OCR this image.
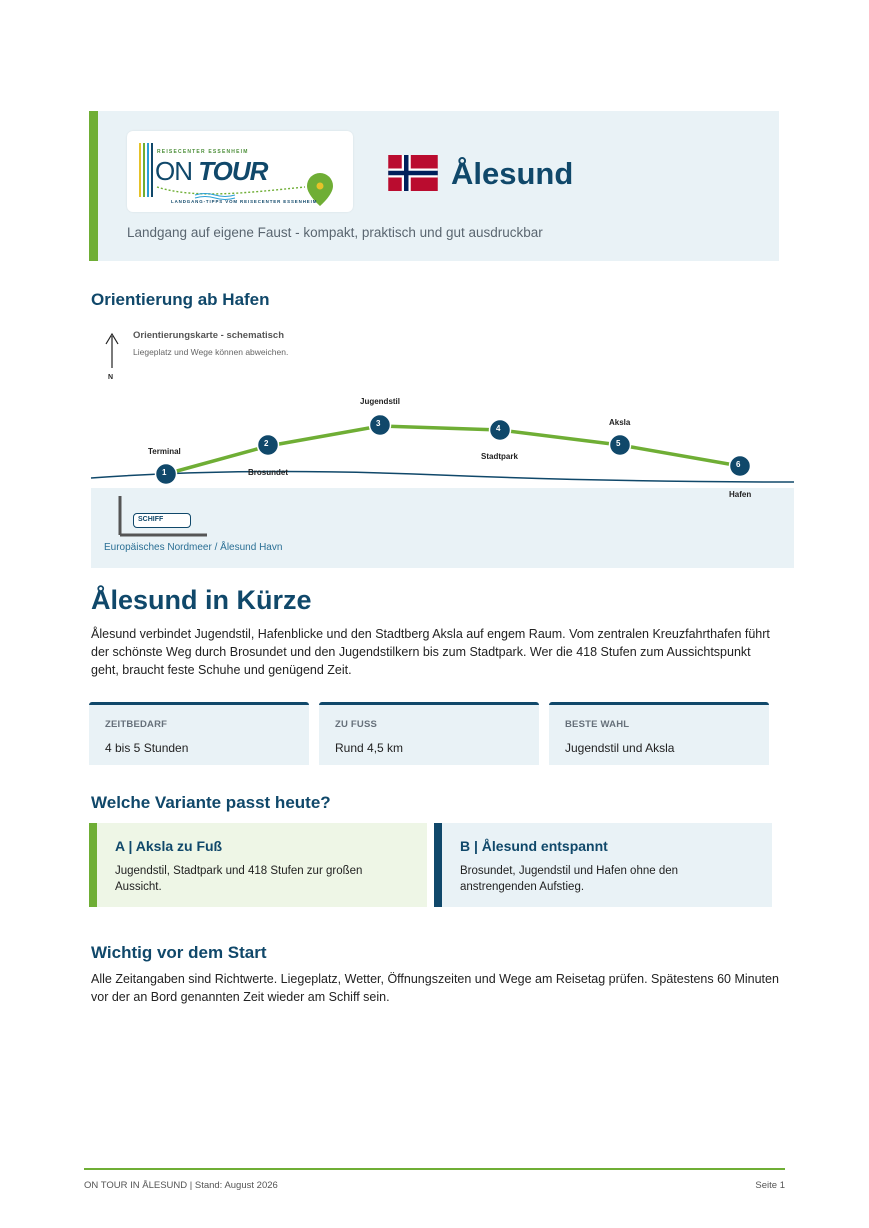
REISECENTER ESSENHEIM
ON TOUR
LANDGANG-TIPPS VOM REISECENTER ESSENHEIM
Ålesund
Landgang auf eigene Faust - kompakt, praktisch und gut ausdruckbar
Orientierung ab Hafen
1
2
3
4
5
6
Terminal
Brosundet
Jugendstil
Stadtpark
Aksla
Hafen
Orientierungskarte - schematisch
Liegeplatz und Wege können abweichen.
N
SCHIFF
Europäisches Nordmeer / Ålesund Havn
Ålesund in Kürze
Ålesund verbindet Jugendstil, Hafenblicke und den Stadtberg Aksla auf engem Raum. Vom zentralen Kreuzfahrthafen führt der schönste Weg durch Brosundet und den Jugendstilkern bis zum Stadtpark. Wer die 418 Stufen zum Aussichtspunkt geht, braucht feste Schuhe und genügend Zeit.
ZEITBEDARF
4 bis 5 Stunden
ZU FUSS
Rund 4,5 km
BESTE WAHL
Jugendstil und Aksla
Welche Variante passt heute?
A | Aksla zu Fuß
Jugendstil, Stadtpark und 418 Stufen zur großen Aussicht.
B | Ålesund entspannt
Brosundet, Jugendstil und Hafen ohne den anstrengenden Aufstieg.
Wichtig vor dem Start
Alle Zeitangaben sind Richtwerte. Liegeplatz, Wetter, Öffnungszeiten und Wege am Reisetag prüfen. Spätestens 60 Minuten vor der an Bord genannten Zeit wieder am Schiff sein.
ON TOUR IN ÅLESUND | Stand: August 2026	Seite 1
